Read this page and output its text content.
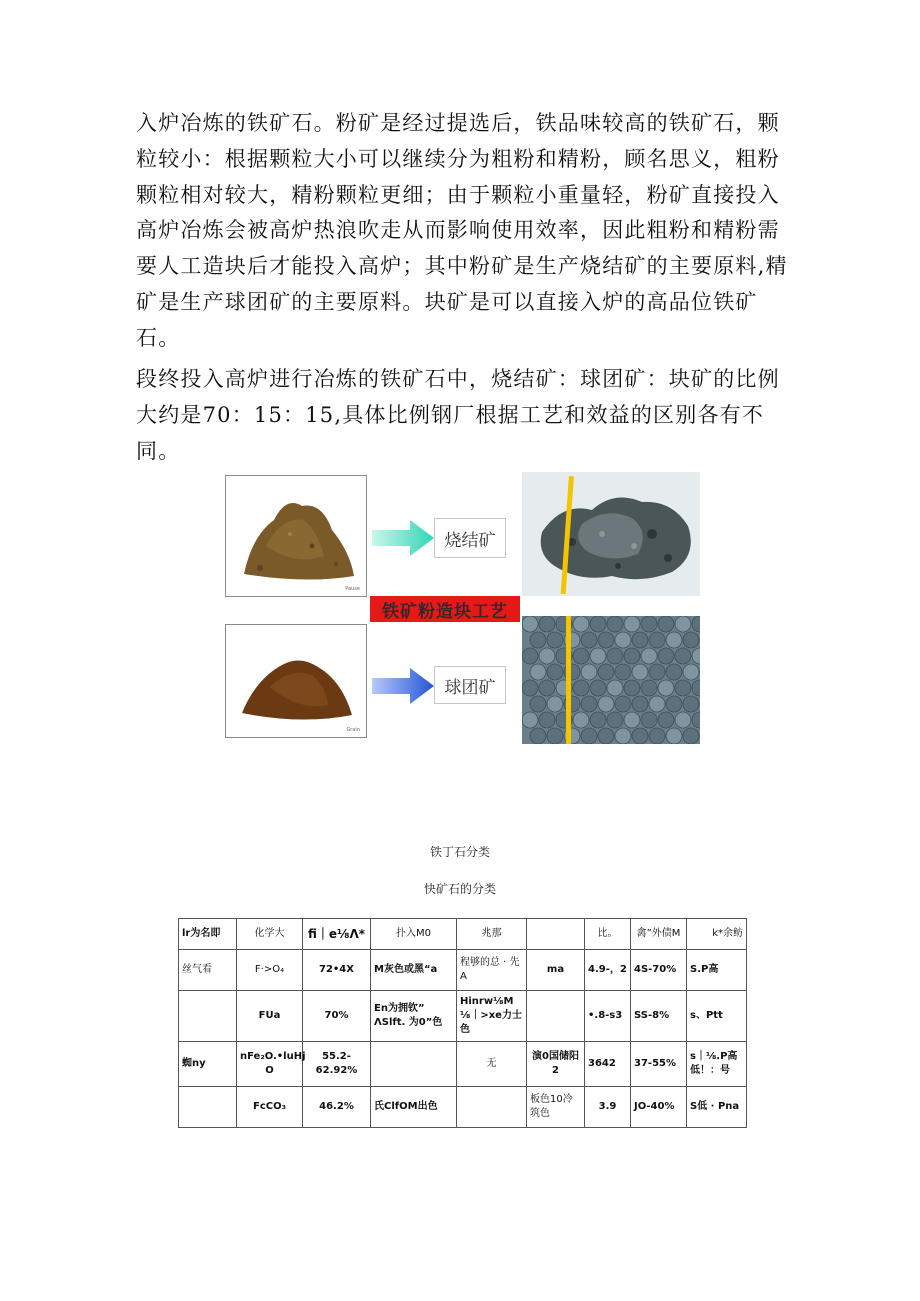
入炉冶炼的铁矿石。粉矿是经过提选后，铁品味较高的铁矿石，颗粒较小：根据颗粒大小可以继续分为粗粉和精粉，顾名思义，粗粉颗粒相对较大，精粉颗粒更细；由于颗粒小重量轻，粉矿直接投入高炉冶炼会被高炉热浪吹走从而影响使用效率，因此粗粉和精粉需要人工造块后才能投入高炉；其中粉矿是生产烧结矿的主要原料,精矿是生产球团矿的主要原料。块矿是可以直接入炉的高品位铁矿石。

段终投入高炉进行冶炼的铁矿石中，烧结矿：球团矿：块矿的比例大约是70：15：15,具体比例钢厂根据工艺和效益的区别各有不同。

Pause
烧结矿
铁矿粉造块工艺
Grain
球团矿
铁丁石分类
快矿石的分类
lr为名即	化学大	fi｜e⅛Λ*	扑入M0	兆那		比。	禽”外债M	k*余鲂
丝气看	F·>O₄	72•4X	M灰色或黑“a	程够的总 · 先A	ma	4.9-，2	4S-70%	S.P高
	FUa	70%	En为拥钦” ΛSlft. 为0”色	Hinrw⅛M ⅛｜>xe力士色		•.8-s3	SS-8%	s、Ptt
蜘ny	nFe₂O.•luHj O	55.2-62.92%		无	演0国储阳 2	3642	37-55%	s｜⅛.P高 低！：号
	FcCO₃	46.2%	氏ClfOM出色		板色10冷 筑色	3.9	JO-40%	S低 · Pna
